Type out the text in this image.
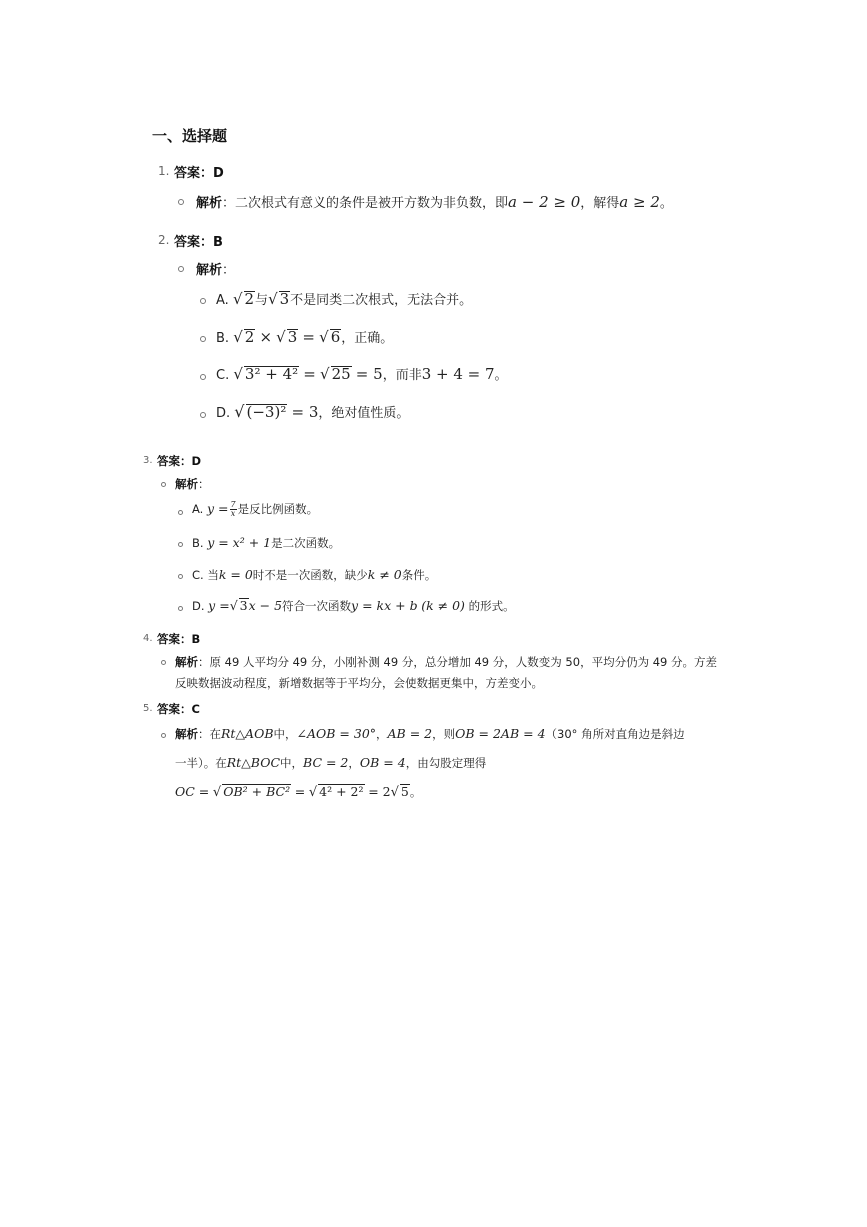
一、选择题
1. 答案：D
解析：二次根式有意义的条件是被开方数为非负数，即a − 2 ≥ 0，解得a ≥ 2。
2. 答案：B
解析：
A. √ 2与√ 3不是同类二次根式，无法合并。
B. √ 2 × √ 3 = √ 6，正确。
C. √ 3² + 4² = √ 25 = 5，而非3 + 4 = 7。
D. √ (−3)² = 3，绝对值性质。
3. 答案：D
解析：
A. $y = \frac{7}{x}$ 是反比例函数。
B. y = x² + 1是二次函数。
C. 当k = 0时不是一次函数，缺少k ≠ 0条件。
D. y =√ 3x − 5符合一次函数y = kx + b (k ≠ 0) 的形式。
4. 答案：B
解析：原 49 人平均分 49 分，小刚补测 49 分，总分增加 49 分，人数变为 50，平均分仍为 49 分。方差
反映数据波动程度，新增数据等于平均分，会使数据更集中，方差变小。
5. 答案：C
解析：在Rt△AOB中，∠AOB = 30°，AB = 2，则OB = 2AB = 4（30° 角所对直角边是斜边
一半）。在Rt△BOC中，BC = 2，OB = 4，由勾股定理得
OC = √ OB² + BC² = √ 4² + 2² = 2√ 5。
